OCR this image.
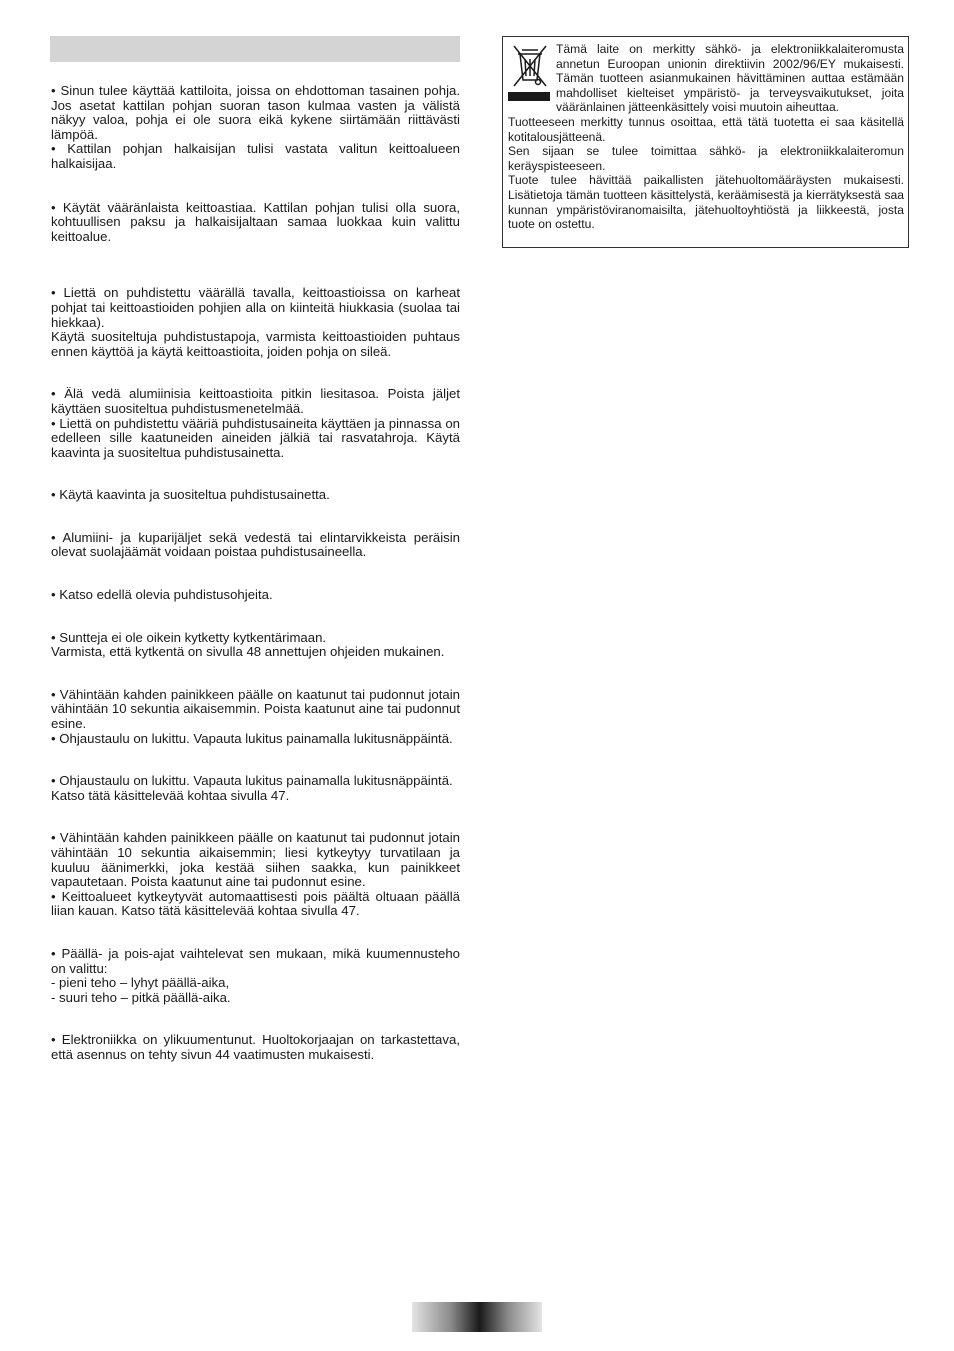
• Sinun tulee käyttää kattiloita, joissa on ehdottoman tasainen pohja. Jos asetat kattilan pohjan suoran tason kulmaa vasten ja välistä näkyy valoa, pohja ei ole suora eikä kykene siirtämään riittävästi lämpöä.

• Kattilan pohjan halkaisijan tulisi vastata valitun keittoalueen halkaisijaa.

• Käytät vääränlaista keittoastiaa. Kattilan pohjan tulisi olla suora, kohtuullisen paksu ja halkaisijaltaan samaa luokkaa kuin valittu keittoalue.

• Liettä on puhdistettu väärällä tavalla, keittoastioissa on karheat pohjat tai keittoastioiden pohjien alla on kiinteitä hiukkasia (suolaa tai hiekkaa).

Käytä suositeltuja puhdistustapoja, varmista keittoastioiden puhtaus ennen käyttöä ja käytä keittoastioita, joiden pohja on sileä.

• Älä vedä alumiinisia keittoastioita pitkin liesitasoa. Poista jäljet käyttäen suositeltua puhdistusmenetelmää.

• Liettä on puhdistettu vääriä puhdistusaineita käyttäen ja pinnassa on edelleen sille kaatuneiden aineiden jälkiä tai rasvatahroja. Käytä kaavinta ja suositeltua puhdistusainetta.

• Käytä kaavinta ja suositeltua puhdistusainetta.

• Alumiini- ja kuparijäljet sekä vedestä tai elintarvikkeista peräisin olevat suolajäämät voidaan poistaa puhdistusaineella.

• Katso edellä olevia puhdistusohjeita.

• Suntteja ei ole oikein kytketty kytkentärimaan.

Varmista, että kytkentä on sivulla 48 annettujen ohjeiden mukainen.

• Vähintään kahden painikkeen päälle on kaatunut tai pudonnut jotain vähintään 10 sekuntia aikaisemmin. Poista kaatunut aine tai pudonnut esine.

• Ohjaustaulu on lukittu. Vapauta lukitus painamalla lukitusnäppäintä.

• Ohjaustaulu on lukittu. Vapauta lukitus painamalla lukitusnäppäintä.

Katso tätä käsittelevää kohtaa sivulla 47.

• Vähintään kahden painikkeen päälle on kaatunut tai pudonnut jotain vähintään 10 sekuntia aikaisemmin; liesi kytkeytyy turvatilaan ja kuuluu äänimerkki, joka kestää siihen saakka, kun painikkeet vapautetaan. Poista kaatunut aine tai pudonnut esine.

• Keittoalueet kytkeytyvät automaattisesti pois päältä oltuaan päällä liian kauan. Katso tätä käsittelevää kohtaa sivulla 47.

• Päällä- ja pois-ajat vaihtelevat sen mukaan, mikä kuumennusteho on valittu:

- pieni teho – lyhyt päällä-aika,

- suuri teho – pitkä päällä-aika.

• Elektroniikka on ylikuumentunut. Huoltokorjaajan on tarkastettava, että asennus on tehty sivun 44 vaatimusten mukaisesti.

Tämä laite on merkitty sähkö- ja elektroniikkalaiteromusta annetun Euroopan unionin direktiivin 2002/96/EY mukaisesti. Tämän tuotteen asianmukainen hävittäminen auttaa estämään mahdolliset kielteiset ympäristö- ja terveysvaikutukset, joita vääränlainen jätteenkäsittely voisi muutoin aiheuttaa.

Tuotteeseen merkitty tunnus osoittaa, että tätä tuotetta ei saa käsitellä kotitalousjätteenä.

Sen sijaan se tulee toimittaa sähkö- ja elektroniikkalaiteromun keräyspisteeseen.

Tuote tulee hävittää paikallisten jätehuoltomääräysten mukaisesti. Lisätietoja tämän tuotteen käsittelystä, keräämisestä ja kierrätyksestä saa kunnan ympäristöviranomaisilta, jätehuoltoyhtiöstä ja liikkeestä, josta tuote on ostettu.
